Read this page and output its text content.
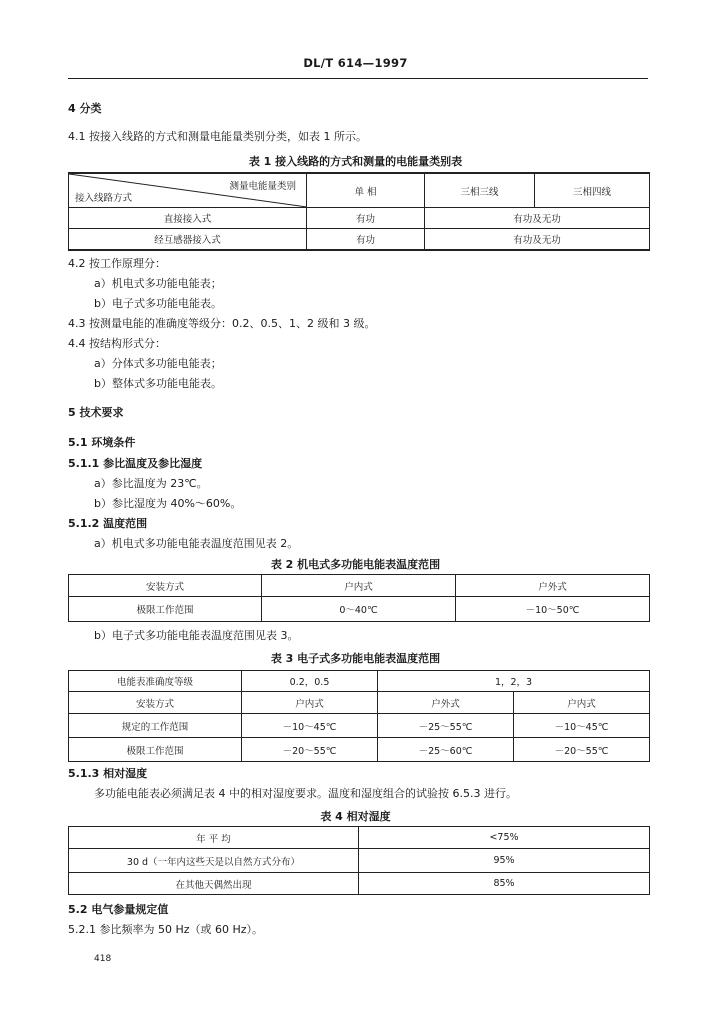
DL/T 614—1997
4 分类
4.1 按接入线路的方式和测量电能量类别分类，如表 1 所示。
表 1 接入线路的方式和测量的电能量类别表
测量电能量类别
接入线路方式	单 相	三相三线	三相四线
直接接入式	有功	有功及无功	
经互感器接入式	有功	有功及无功	
4.2 按工作原理分：
a）机电式多功能电能表；
b）电子式多功能电能表。
4.3 按测量电能的准确度等级分：0.2、0.5、1、2 级和 3 级。
4.4 按结构形式分：
a）分体式多功能电能表；
b）整体式多功能电能表。
5 技术要求
5.1 环境条件
5.1.1 参比温度及参比湿度
a）参比温度为 23℃。
b）参比湿度为 40%～60%。
5.1.2 温度范围
a）机电式多功能电能表温度范围见表 2。
表 2 机电式多功能电能表温度范围
安装方式	户内式	户外式
极限工作范围	0～40℃	－10～50℃
b）电子式多功能电能表温度范围见表 3。
表 3 电子式多功能电能表温度范围
电能表准确度等级	0.2，0.5	1，2，3	
安装方式	户内式	户外式	户内式
规定的工作范围	－10～45℃	－25～55℃	－10～45℃
极限工作范围	－20～55℃	－25～60℃	－20～55℃
5.1.3 相对湿度
多功能电能表必须满足表 4 中的相对湿度要求。温度和湿度组合的试验按 6.5.3 进行。
表 4 相对湿度
年 平 均	<75%
30 d（一年内这些天是以自然方式分布）	95%
在其他天偶然出现	85%
5.2 电气参量规定值
5.2.1 参比频率为 50 Hz（或 60 Hz）。
418
